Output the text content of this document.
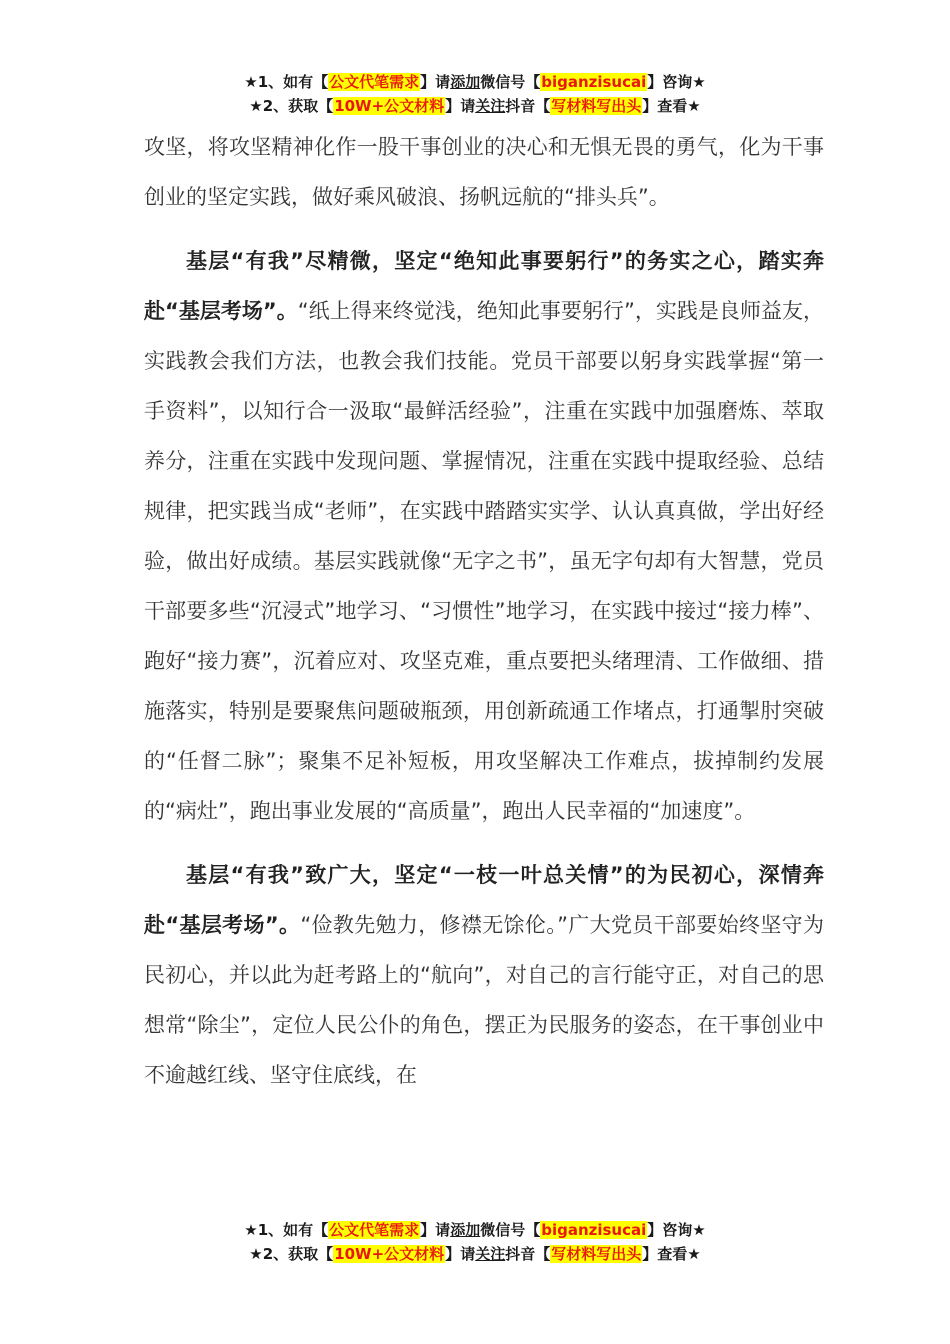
★1、如有【公文代笔需求】请添加微信号【biganzisucai】咨询★
★2、获取【10W+公文材料】请关注抖音【写材料写出头】查看★

攻坚，将攻坚精神化作一股干事创业的决心和无惧无畏的勇气，化为干事创业的坚定实践，做好乘风破浪、扬帆远航的“排头兵”。

基层“有我”尽精微，坚定“绝知此事要躬行”的务实之心，踏实奔赴“基层考场”。“纸上得来终觉浅，绝知此事要躬行”，实践是良师益友，实践教会我们方法，也教会我们技能。党员干部要以躬身实践掌握“第一手资料”，以知行合一汲取“最鲜活经验”，注重在实践中加强磨炼、萃取养分，注重在实践中发现问题、掌握情况，注重在实践中提取经验、总结规律，把实践当成“老师”，在实践中踏踏实实学、认认真真做，学出好经验，做出好成绩。基层实践就像“无字之书”，虽无字句却有大智慧，党员干部要多些“沉浸式”地学习、“习惯性”地学习，在实践中接过“接力棒”、跑好“接力赛”，沉着应对、攻坚克难，重点要把头绪理清、工作做细、措施落实，特别是要聚焦问题破瓶颈，用创新疏通工作堵点，打通掣肘突破的“任督二脉”；聚集不足补短板，用攻坚解决工作难点，拔掉制约发展的“病灶”，跑出事业发展的“高质量”，跑出人民幸福的“加速度”。

基层“有我”致广大，坚定“一枝一叶总关情”的为民初心，深情奔赴“基层考场”。“俭教先勉力，修襟无馀伦。”广大党员干部要始终坚守为民初心，并以此为赶考路上的“航向”，对自己的言行能守正，对自己的思想常“除尘”，定位人民公仆的角色，摆正为民服务的姿态，在干事创业中不逾越红线、坚守住底线，在

★1、如有【公文代笔需求】请添加微信号【biganzisucai】咨询★
★2、获取【10W+公文材料】请关注抖音【写材料写出头】查看★
